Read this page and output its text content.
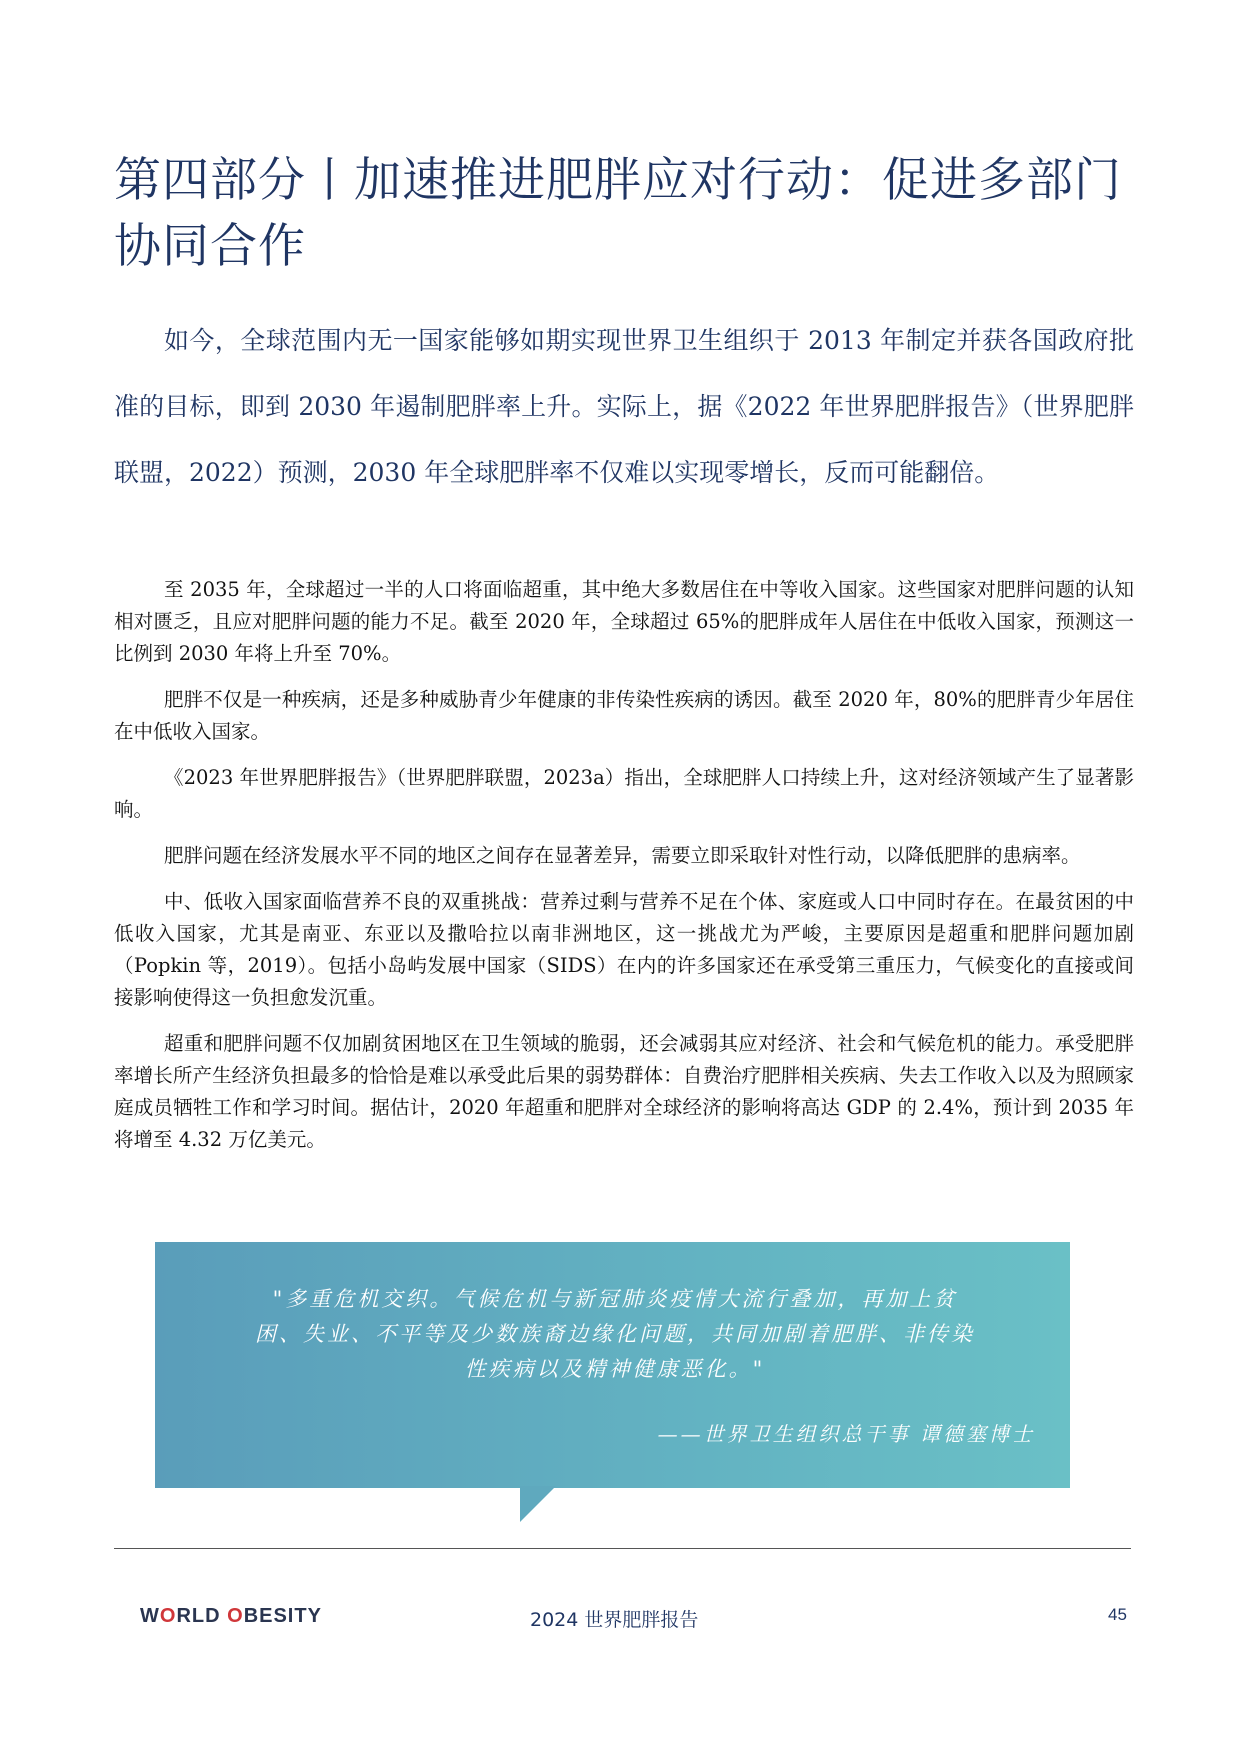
第四部分丨加速推进肥胖应对行动：促进多部门协同合作

如今，全球范围内无一国家能够如期实现世界卫生组织于 2013 年制定并获各国政府批准的目标，即到 2030 年遏制肥胖率上升。实际上，据《2022 年世界肥胖报告》（世界肥胖联盟，2022）预测，2030 年全球肥胖率不仅难以实现零增长，反而可能翻倍。

至 2035 年，全球超过一半的人口将面临超重，其中绝大多数居住在中等收入国家。这些国家对肥胖问题的认知相对匮乏，且应对肥胖问题的能力不足。截至 2020 年，全球超过 65%的肥胖成年人居住在中低收入国家，预测这一比例到 2030 年将上升至 70%。

肥胖不仅是一种疾病，还是多种威胁青少年健康的非传染性疾病的诱因。截至 2020 年，80%的肥胖青少年居住在中低收入国家。

《2023 年世界肥胖报告》（世界肥胖联盟，2023a）指出，全球肥胖人口持续上升，这对经济领域产生了显著影响。

肥胖问题在经济发展水平不同的地区之间存在显著差异，需要立即采取针对性行动，以降低肥胖的患病率。

中、低收入国家面临营养不良的双重挑战：营养过剩与营养不足在个体、家庭或人口中同时存在。在最贫困的中低收入国家，尤其是南亚、东亚以及撒哈拉以南非洲地区，这一挑战尤为严峻，主要原因是超重和肥胖问题加剧（Popkin 等，2019）。包括小岛屿发展中国家（SIDS）在内的许多国家还在承受第三重压力，气候变化的直接或间接影响使得这一负担愈发沉重。

超重和肥胖问题不仅加剧贫困地区在卫生领域的脆弱，还会减弱其应对经济、社会和气候危机的能力。承受肥胖率增长所产生经济负担最多的恰恰是难以承受此后果的弱势群体：自费治疗肥胖相关疾病、失去工作收入以及为照顾家庭成员牺牲工作和学习时间。据估计，2020 年超重和肥胖对全球经济的影响将高达 GDP 的 2.4%，预计到 2035 年将增至 4.32 万亿美元。

"多重危机交织。气候危机与新冠肺炎疫情大流行叠加，再加上贫困、失业、不平等及少数族裔边缘化问题，共同加剧着肥胖、非传染性疾病以及精神健康恶化。"

——世界卫生组织总干事 谭德塞博士

WORLD OBESITY	2024 世界肥胖报告	45
